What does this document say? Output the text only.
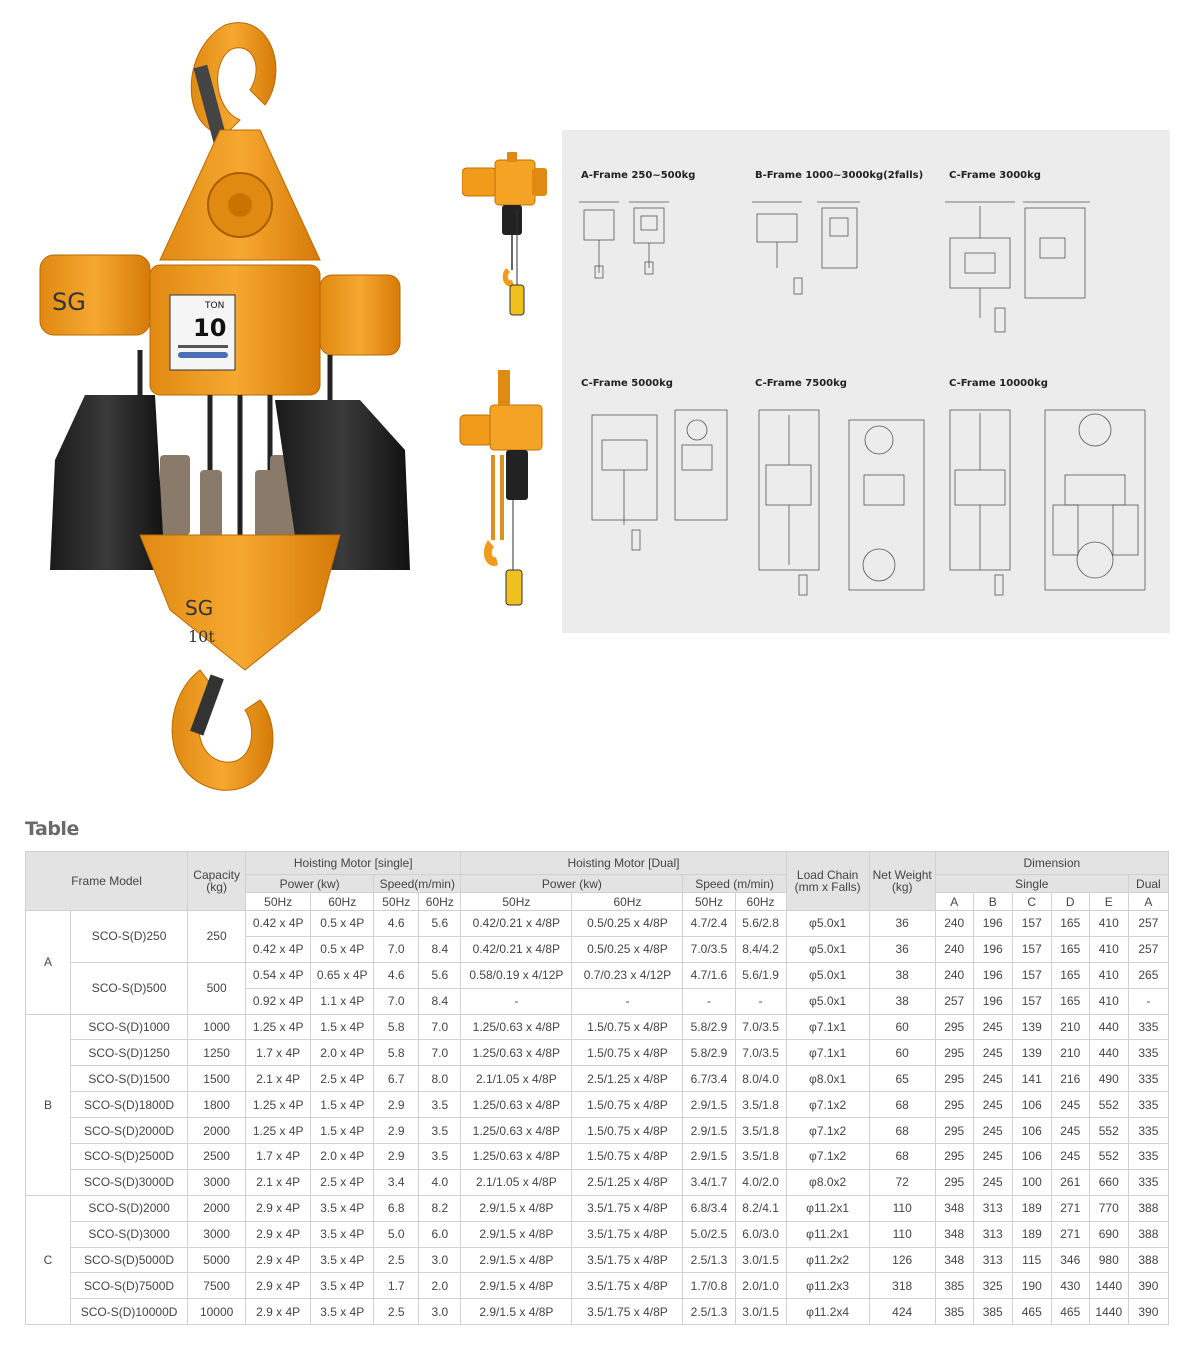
SG	TON
10
SG
10t
A-Frame 250~500kg	B-Frame 1000~3000kg(2falls)	C-Frame 3000kg
C-Frame 5000kg	C-Frame 7500kg	C-Frame 10000kg
Table
Frame Model		Capacity (kg)	Hoisting Motor [single]				Hoisting Motor [Dual]				Load Chain (mm x Falls)	Net Weight (kg)	Dimension					
			Power (kw)		Speed(m/min)		Power (kw)		Speed (m/min)				Single					Dual
			50Hz	60Hz	50Hz	60Hz	50Hz	60Hz	50Hz	60Hz			A	B	C	D	E	A
A	SCO-S(D)250	250	0.42 x 4P	0.5 x 4P	4.6	5.6	0.42/0.21 x 4/8P	0.5/0.25 x 4/8P	4.7/2.4	5.6/2.8	φ5.0x1	36	240	196	157	165	410	257
			0.42 x 4P	0.5 x 4P	7.0	8.4	0.42/0.21 x 4/8P	0.5/0.25 x 4/8P	7.0/3.5	8.4/4.2	φ5.0x1	36	240	196	157	165	410	257
	SCO-S(D)500	500	0.54 x 4P	0.65 x 4P	4.6	5.6	0.58/0.19 x 4/12P	0.7/0.23 x 4/12P	4.7/1.6	5.6/1.9	φ5.0x1	38	240	196	157	165	410	265
			0.92 x 4P	1.1 x 4P	7.0	8.4	-	-	-	-	φ5.0x1	38	257	196	157	165	410	-
B	SCO-S(D)1000	1000	1.25 x 4P	1.5 x 4P	5.8	7.0	1.25/0.63 x 4/8P	1.5/0.75 x 4/8P	5.8/2.9	7.0/3.5	φ7.1x1	60	295	245	139	210	440	335
	SCO-S(D)1250	1250	1.7 x 4P	2.0 x 4P	5.8	7.0	1.25/0.63 x 4/8P	1.5/0.75 x 4/8P	5.8/2.9	7.0/3.5	φ7.1x1	60	295	245	139	210	440	335
	SCO-S(D)1500	1500	2.1 x 4P	2.5 x 4P	6.7	8.0	2.1/1.05 x 4/8P	2.5/1.25 x 4/8P	6.7/3.4	8.0/4.0	φ8.0x1	65	295	245	141	216	490	335
	SCO-S(D)1800D	1800	1.25 x 4P	1.5 x 4P	2.9	3.5	1.25/0.63 x 4/8P	1.5/0.75 x 4/8P	2.9/1.5	3.5/1.8	φ7.1x2	68	295	245	106	245	552	335
	SCO-S(D)2000D	2000	1.25 x 4P	1.5 x 4P	2.9	3.5	1.25/0.63 x 4/8P	1.5/0.75 x 4/8P	2.9/1.5	3.5/1.8	φ7.1x2	68	295	245	106	245	552	335
	SCO-S(D)2500D	2500	1.7 x 4P	2.0 x 4P	2.9	3.5	1.25/0.63 x 4/8P	1.5/0.75 x 4/8P	2.9/1.5	3.5/1.8	φ7.1x2	68	295	245	106	245	552	335
	SCO-S(D)3000D	3000	2.1 x 4P	2.5 x 4P	3.4	4.0	2.1/1.05 x 4/8P	2.5/1.25 x 4/8P	3.4/1.7	4.0/2.0	φ8.0x2	72	295	245	100	261	660	335
C	SCO-S(D)2000	2000	2.9 x 4P	3.5 x 4P	6.8	8.2	2.9/1.5 x 4/8P	3.5/1.75 x 4/8P	6.8/3.4	8.2/4.1	φ11.2x1	110	348	313	189	271	770	388
	SCO-S(D)3000	3000	2.9 x 4P	3.5 x 4P	5.0	6.0	2.9/1.5 x 4/8P	3.5/1.75 x 4/8P	5.0/2.5	6.0/3.0	φ11.2x1	110	348	313	189	271	690	388
	SCO-S(D)5000D	5000	2.9 x 4P	3.5 x 4P	2.5	3.0	2.9/1.5 x 4/8P	3.5/1.75 x 4/8P	2.5/1.3	3.0/1.5	φ11.2x2	126	348	313	115	346	980	388
	SCO-S(D)7500D	7500	2.9 x 4P	3.5 x 4P	1.7	2.0	2.9/1.5 x 4/8P	3.5/1.75 x 4/8P	1.7/0.8	2.0/1.0	φ11.2x3	318	385	325	190	430	1440	390
	SCO-S(D)10000D	10000	2.9 x 4P	3.5 x 4P	2.5	3.0	2.9/1.5 x 4/8P	3.5/1.75 x 4/8P	2.5/1.3	3.0/1.5	φ11.2x4	424	385	385	465	465	1440	390
